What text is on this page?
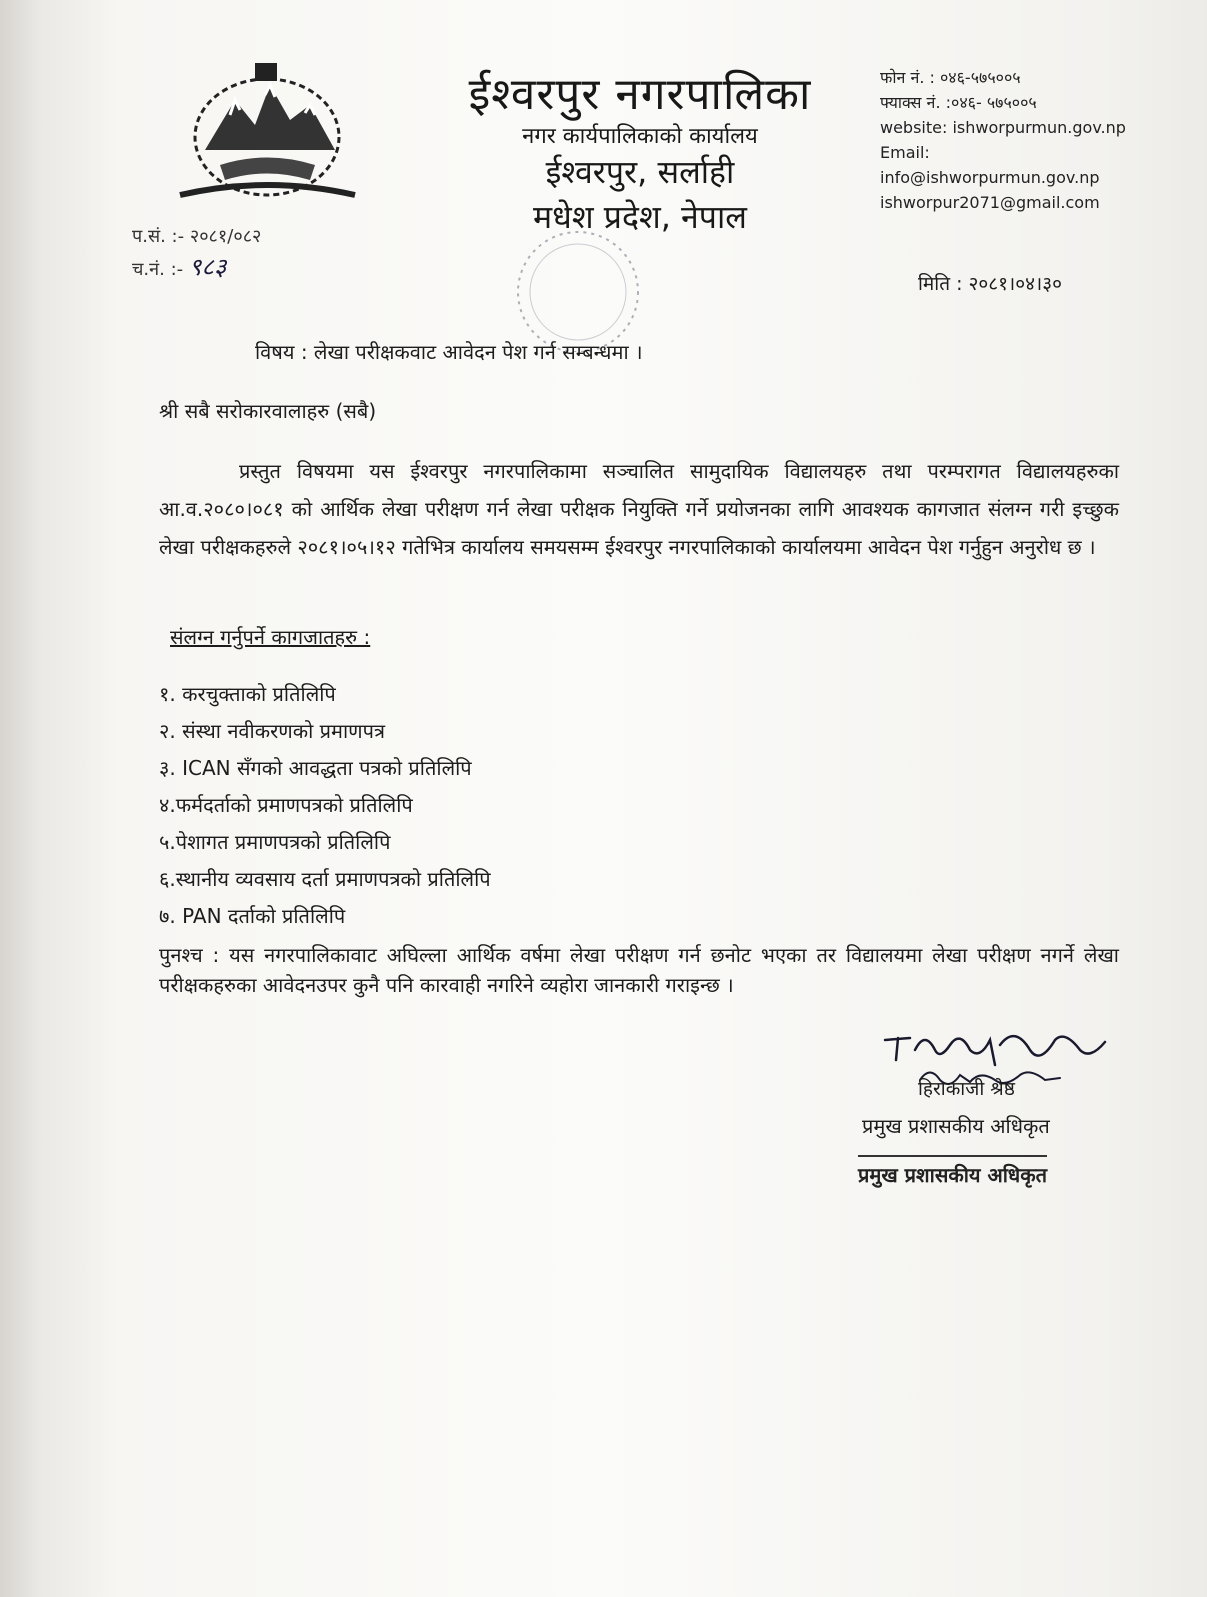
ईश्वरपुर नगरपालिका
नगर कार्यपालिकाको कार्यालय
ईश्वरपुर, सर्लाही
मधेश प्रदेश, नेपाल
फोन नं. : ०४६-५७५००५
फ्याक्स नं. :०४६- ५७५००५
website: ishworpurmun.gov.np
Email:
info@ishworpurmun.gov.np
ishworpur2071@gmail.com
प.सं. :- २०८१/०८२
च.नं. :- ९८३
मिति : २०८१।०४।३०
विषय : लेखा परीक्षकवाट आवेदन पेश गर्न सम्बन्धमा ।
श्री सबै सरोकारवालाहरु (सबै)
प्रस्तुत विषयमा यस ईश्वरपुर नगरपालिकामा सञ्चालित सामुदायिक विद्यालयहरु तथा परम्परागत विद्यालयहरुका आ.व.२०८०।०८१ को आर्थिक लेखा परीक्षण गर्न लेखा परीक्षक नियुक्ति गर्ने प्रयोजनका लागि आवश्यक कागजात संलग्न गरी इच्छुक लेखा परीक्षकहरुले २०८१।०५।१२ गतेभित्र कार्यालय समयसम्म ईश्वरपुर नगरपालिकाको कार्यालयमा आवेदन पेश गर्नुहुन अनुरोध छ ।
संलग्न गर्नुपर्ने कागजातहरु :
१. करचुक्ताको प्रतिलिपि
२. संस्था नवीकरणको प्रमाणपत्र
३. ICAN सँगको आवद्धता पत्रको प्रतिलिपि
४.फर्मदर्ताको प्रमाणपत्रको प्रतिलिपि
५.पेशागत प्रमाणपत्रको प्रतिलिपि
६.स्थानीय व्यवसाय दर्ता प्रमाणपत्रको प्रतिलिपि
७. PAN दर्ताको प्रतिलिपि
पुनश्च : यस नगरपालिकावाट अघिल्ला आर्थिक वर्षमा लेखा परीक्षण गर्न छनोट भएका तर विद्यालयमा लेखा परीक्षण नगर्ने लेखा परीक्षकहरुका आवेदनउपर कुनै पनि कारवाही नगरिने व्यहोरा जानकारी गराइन्छ ।
हिराकाजी श्रेष्ठ
प्रमुख प्रशासकीय अधिकृत
प्रमुख प्रशासकीय अधिकृत
